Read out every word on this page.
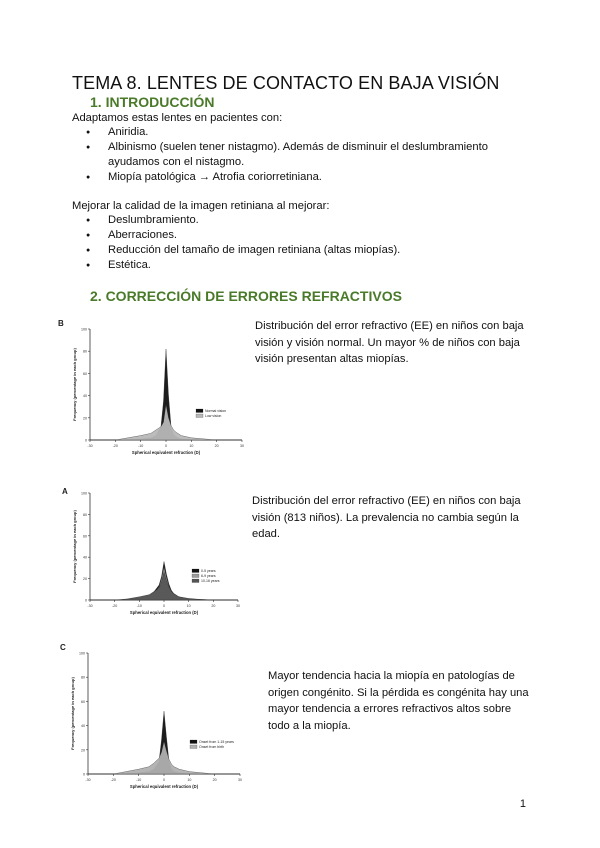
TEMA 8. LENTES DE CONTACTO EN BAJA VISIÓN
1. INTRODUCCIÓN
Adaptamos estas lentes en pacientes con:
● Aniridia.
● Albinismo (suelen tener nistagmo). Además de disminuir el deslumbramiento
ayudamos con el nistagmo.
● Miopía patológica → Atrofia coriorretiniana.
Mejorar la calidad de la imagen retiniana al mejorar:
● Deslumbramiento.
● Aberraciones.
● Reducción del tamaño de imagen retiniana (altas miopías).
● Estética.
2. CORRECCIÓN DE ERRORES REFRACTIVOS
B
0
20
40
60
80
100
-30	-20	-10	0	10	20	30
Spherical equivalent refraction (D)
Frequency (percentage in each group)	Normal vision
Low vision
Distribución del error refractivo (EE) en niños con baja
visión y visión normal. Un mayor % de niños con baja
visión presentan altas miopías.
A
0
20
40
60
80
100
-30	-20	-10	0	10	20	30
Spherical equivalent refraction (D)
Frequency (percentage in each group)	0-5 years
6-9 years
10-16 years
Distribución del error refractivo (EE) en niños con baja
visión (813 niños). La prevalencia no cambia según la
edad.
C
0
20
40
60
80
100
-30	-20	-10	0	10	20	30
Spherical equivalent refraction (D)
Frequency (percentage in each group)	Onset from 1-15 years
Onset from birth
Mayor tendencia hacia la miopía en patologías de
origen congénito. Si la pérdida es congénita hay una
mayor tendencia a errores refractivos altos sobre
todo a la miopía.
1
